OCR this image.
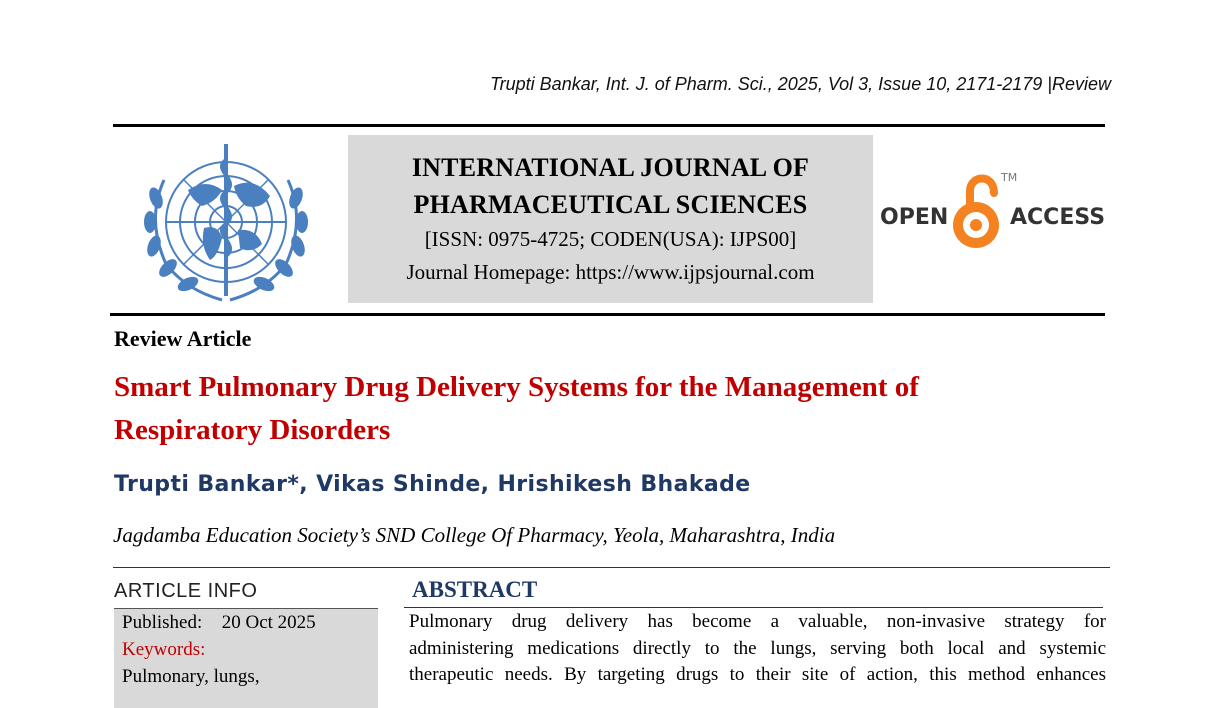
Trupti Bankar, Int. J. of Pharm. Sci., 2025, Vol 3, Issue 10, 2171-2179 |Review
INTERNATIONAL JOURNAL OF
PHARMACEUTICAL SCIENCES
[ISSN: 0975-4725; CODEN(USA): IJPS00]
Journal Homepage: https://www.ijpsjournal.com
OPEN
TM
ACCESS
Review Article
Smart Pulmonary Drug Delivery Systems for the Management of
Respiratory Disorders
Trupti Bankar*, Vikas Shinde, Hrishikesh Bhakade
Jagdamba Education Society’s SND College Of Pharmacy, Yeola, Maharashtra, India
ARTICLE INFO
Published: 20 Oct 2025
Keywords:
Pulmonary, lungs,
ABSTRACT
Pulmonary drug delivery has become a valuable, non-invasive strategy for
administering medications directly to the lungs, serving both local and systemic
therapeutic needs. By targeting drugs to their site of action, this method enhances
